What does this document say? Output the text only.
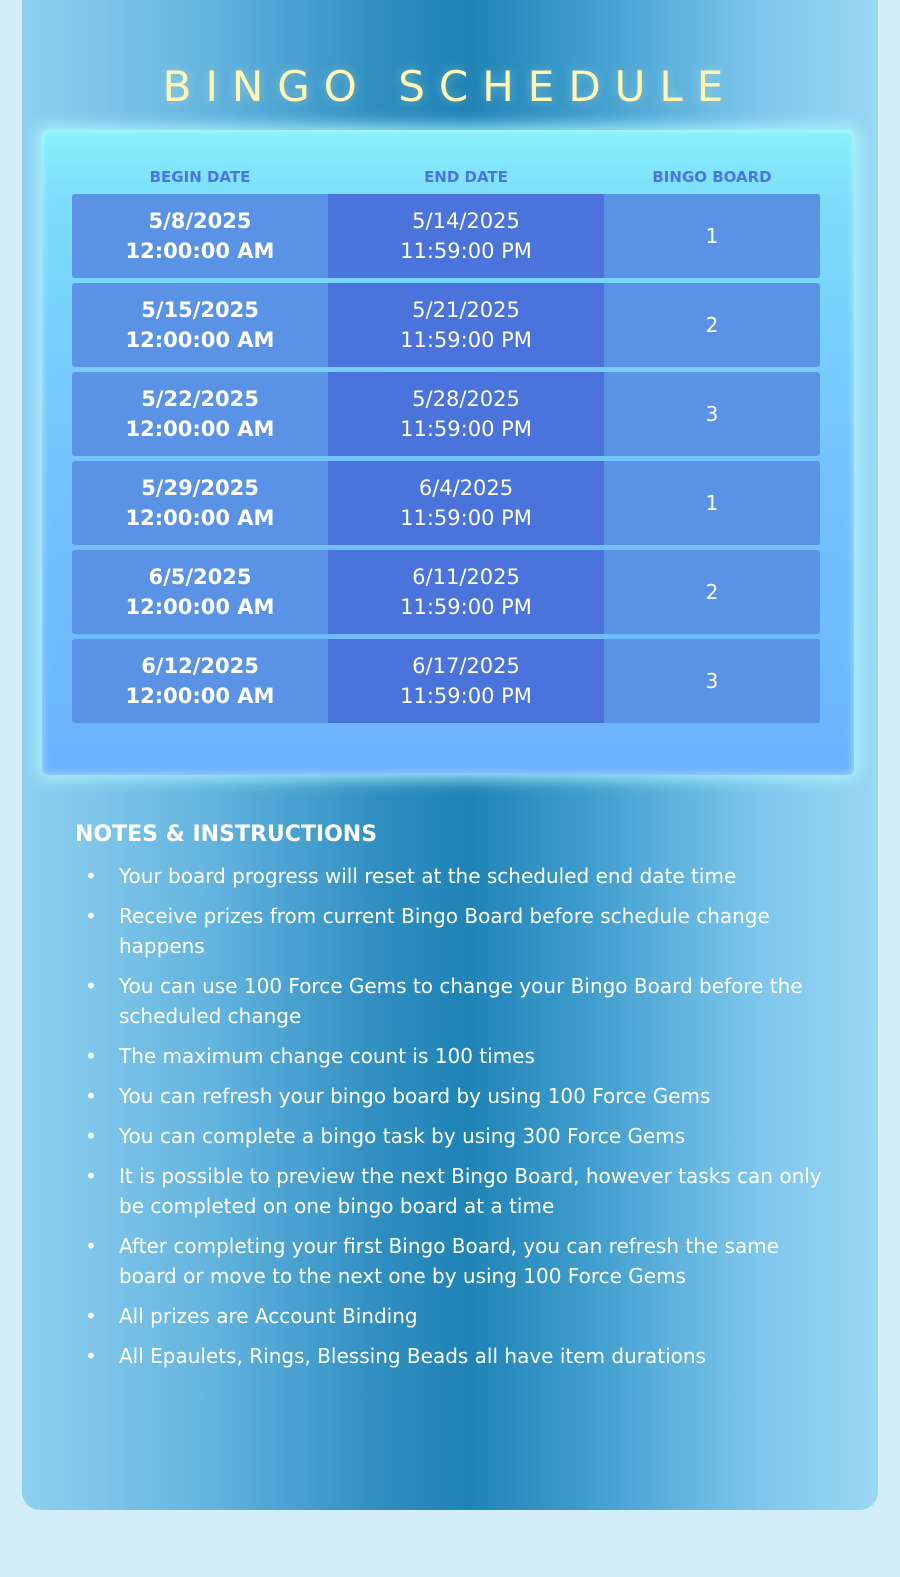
BINGO SCHEDULE
BEGIN DATE	END DATE	BINGO BOARD
5/8/2025
12:00:00 AM
5/14/2025
11:59:00 PM
1
5/15/2025
12:00:00 AM
5/21/2025
11:59:00 PM
2
5/22/2025
12:00:00 AM
5/28/2025
11:59:00 PM
3
5/29/2025
12:00:00 AM
6/4/2025
11:59:00 PM
1
6/5/2025
12:00:00 AM
6/11/2025
11:59:00 PM
2
6/12/2025
12:00:00 AM
6/17/2025
11:59:00 PM
3
NOTES & INSTRUCTIONS
• Your board progress will reset at the scheduled end date time
• Receive prizes from current Bingo Board before schedule change happens
• You can use 100 Force Gems to change your Bingo Board before the scheduled change
• The maximum change count is 100 times
• You can refresh your bingo board by using 100 Force Gems
• You can complete a bingo task by using 300 Force Gems
• It is possible to preview the next Bingo Board, however tasks can only be completed on one bingo board at a time
• After completing your first Bingo Board, you can refresh the same board or move to the next one by using 100 Force Gems
• All prizes are Account Binding
• All Epaulets, Rings, Blessing Beads all have item durations
